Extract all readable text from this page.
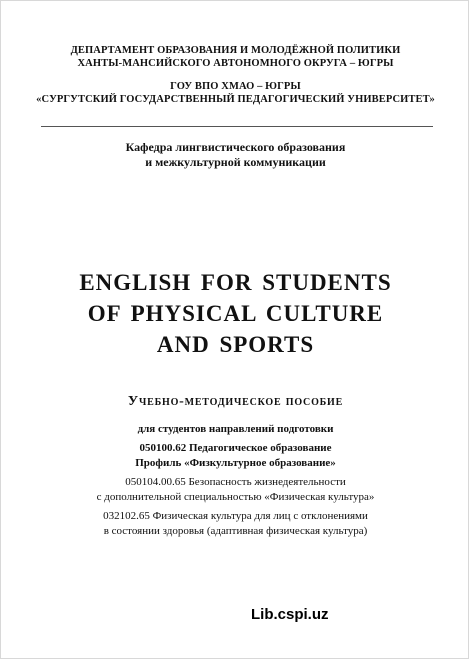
ДЕПАРТАМЕНТ ОБРАЗОВАНИЯ И МОЛОДЁЖНОЙ ПОЛИТИКИ
ХАНТЫ-МАНСИЙСКОГО АВТОНОМНОГО ОКРУГА – ЮГРЫ
ГОУ ВПО ХМАО – ЮГРЫ
«СУРГУТСКИЙ ГОСУДАРСТВЕННЫЙ ПЕДАГОГИЧЕСКИЙ УНИВЕРСИТЕТ»
Кафедра лингвистического образования
и межкультурной коммуникации
ENGLISH FOR STUDENTS
OF PHYSICAL CULTURE
AND SPORTS
Учебно-методическое пособие
для студентов направлений подготовки
050100.62 Педагогическое образование
Профиль «Физкультурное образование»
050104.00.65 Безопасность жизнедеятельности
с дополнительной специальностью «Физическая культура»
032102.65 Физическая культура для лиц с отклонениями
в состоянии здоровья (адаптивная физическая культура)
Lib.cspi.uz
